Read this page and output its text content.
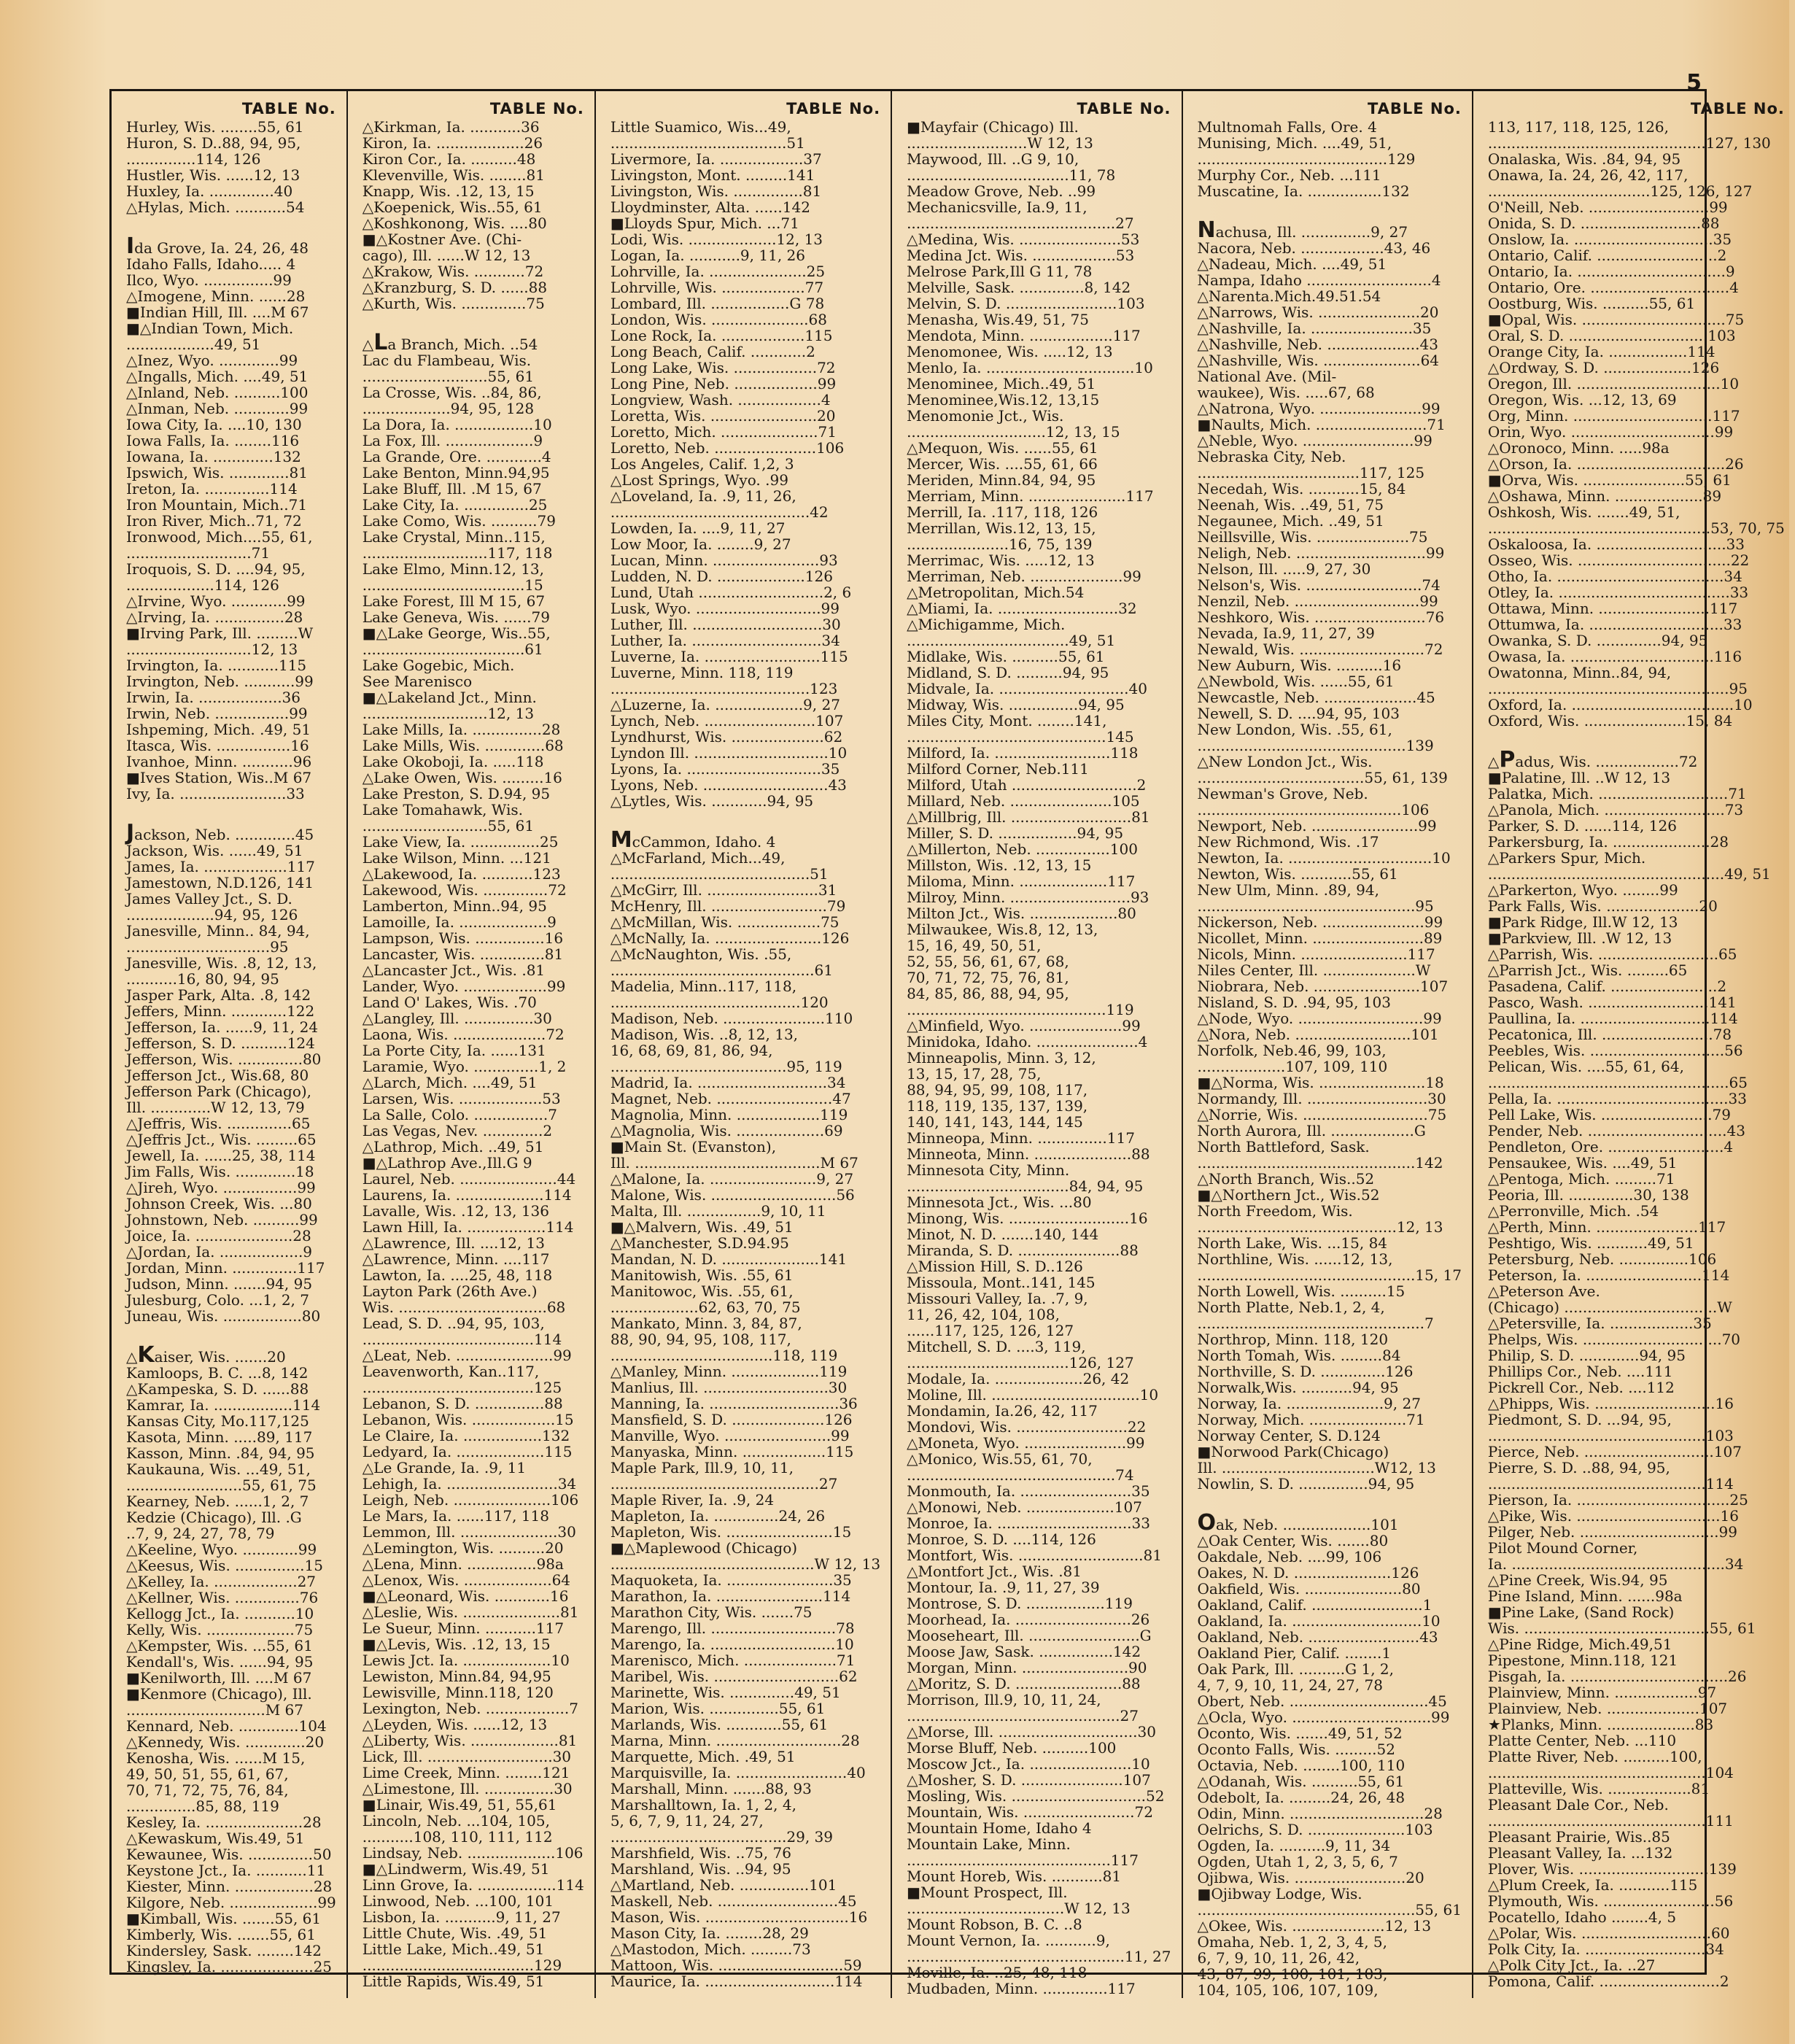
5
TABLE No.
Hurley, Wis. ........55, 61
Huron, S. D..88, 94, 95,
...............114, 126
Hustler, Wis. ......12, 13
Huxley, Ia. ..............40
△Hylas, Mich. ...........54
Ida Grove, Ia. 24, 26, 48
Idaho Falls, Idaho..... 4
Ilco, Wyo. ...............99
△Imogene, Minn. ......28
■Indian Hill, Ill. ....M 67
■△Indian Town, Mich.
...................49, 51
△Inez, Wyo. .............99
△Ingalls, Mich. ....49, 51
△Inland, Neb. ..........100
△Inman, Neb. ............99
Iowa City, Ia. ....10, 130
Iowa Falls, Ia. ........116
Iowana, Ia. .............132
Ipswich, Wis. .............81
Ireton, Ia. ..............114
Iron Mountain, Mich..71
Iron River, Mich..71, 72
Ironwood, Mich....55, 61,
...........................71
Iroquois, S. D. ....94, 95,
...................114, 126
△Irvine, Wyo. ............99
△Irving, Ia. ...............28
■Irving Park, Ill. .........W
...........................12, 13
Irvington, Ia. ...........115
Irvington, Neb. ...........99
Irwin, Ia. ..................36
Irwin, Neb. ................99
Ishpeming, Mich. .49, 51
Itasca, Wis. ................16
Ivanhoe, Minn. ...........96
■Ives Station, Wis..M 67
Ivy, Ia. .......................33
Jackson, Neb. .............45
Jackson, Wis. ......49, 51
James, Ia. ..................117
Jamestown, N.D.126, 141
James Valley Jct., S. D.
...................94, 95, 126
Janesville, Minn.. 84, 94,
...............................95
Janesville, Wis. .8, 12, 13,
...........16, 80, 94, 95
Jasper Park, Alta. .8, 142
Jeffers, Minn. ............122
Jefferson, Ia. ......9, 11, 24
Jefferson, S. D. ..........124
Jefferson, Wis. ..............80
Jefferson Jct., Wis.68, 80
Jefferson Park (Chicago),
Ill. .............W 12, 13, 79
△Jeffris, Wis. ..............65
△Jeffris Jct., Wis. .........65
Jewell, Ia. ......25, 38, 114
Jim Falls, Wis. .............18
△Jireh, Wyo. ................99
Johnson Creek, Wis. ...80
Johnstown, Neb. ..........99
Joice, Ia. .....................28
△Jordan, Ia. ..................9
Jordan, Minn. ..............117
Judson, Minn. .......94, 95
Julesburg, Colo. ...1, 2, 7
Juneau, Wis. .................80
△Kaiser, Wis. .......20
Kamloops, B. C. ...8, 142
△Kampeska, S. D. ......88
Kamrar, Ia. .................114
Kansas City, Mo.117,125
Kasota, Minn. .....89, 117
Kasson, Minn. .84, 94, 95
Kaukauna, Wis. ...49, 51,
.........................55, 61, 75
Kearney, Neb. ......1, 2, 7
Kedzie (Chicago), Ill. .G
..7, 9, 24, 27, 78, 79
△Keeline, Wyo. ............99
△Keesus, Wis. ...............15
△Kelley, Ia. ..................27
△Kellner, Wis. ..............76
Kellogg Jct., Ia. ...........10
Kelly, Wis. ...................75
△Kempster, Wis. ...55, 61
Kendall's, Wis. ......94, 95
■Kenilworth, Ill. ....M 67
■Kenmore (Chicago), Ill.
..............................M 67
Kennard, Neb. .............104
△Kennedy, Wis. .............20
Kenosha, Wis. ......M 15,
49, 50, 51, 55, 61, 67,
70, 71, 72, 75, 76, 84,
...............85, 88, 119
Kesley, Ia. .....................28
△Kewaskum, Wis.49, 51
Kewaunee, Wis. ..............50
Keystone Jct., Ia. ...........11
Kiester, Minn. .................28
Kilgore, Neb. ...................99
■Kimball, Wis. .......55, 61
Kimberly, Wis. .......55, 61
Kindersley, Sask. ........142
Kingsley, Ia. ....................25
TABLE No.
△Kirkman, Ia. ...........36
Kiron, Ia. ...................26
Kiron Cor., Ia. ..........48
Klevenville, Wis. ........81
Knapp, Wis. .12, 13, 15
△Koepenick, Wis..55, 61
△Koshkonong, Wis. ....80
■△Kostner Ave. (Chi-
cago), Ill. ......W 12, 13
△Krakow, Wis. ...........72
△Kranzburg, S. D. ......88
△Kurth, Wis. ..............75
△La Branch, Mich. ..54
Lac du Flambeau, Wis.
...........................55, 61
La Crosse, Wis. ..84, 86,
...................94, 95, 128
La Dora, Ia. .................10
La Fox, Ill. ...................9
La Grande, Ore. ............4
Lake Benton, Minn.94,95
Lake Bluff, Ill. .M 15, 67
Lake City, Ia. ..............25
Lake Como, Wis. ..........79
Lake Crystal, Minn..115,
...........................117, 118
Lake Elmo, Minn.12, 13,
...................................15
Lake Forest, Ill M 15, 67
Lake Geneva, Wis. ......79
■△Lake George, Wis..55,
...................................61
Lake Gogebic, Mich.
See Marenisco
■△Lakeland Jct., Minn.
...........................12, 13
Lake Mills, Ia. ...............28
Lake Mills, Wis. .............68
Lake Okoboji, Ia. .....118
△Lake Owen, Wis. .........16
Lake Preston, S. D.94, 95
Lake Tomahawk, Wis.
...........................55, 61
Lake View, Ia. ...............25
Lake Wilson, Minn. ...121
△Lakewood, Ia. ...........123
Lakewood, Wis. ..............72
Lamberton, Minn..94, 95
Lamoille, Ia. ...................9
Lampson, Wis. ...............16
Lancaster, Wis. ..............81
△Lancaster Jct., Wis. .81
Lander, Wyo. ..................99
Land O' Lakes, Wis. .70
△Langley, Ill. ...............30
Laona, Wis. ....................72
La Porte City, Ia. ......131
Laramie, Wyo. ..............1, 2
△Larch, Mich. ....49, 51
Larsen, Wis. ..................53
La Salle, Colo. ................7
Las Vegas, Nev. .............2
△Lathrop, Mich. ..49, 51
■△Lathrop Ave.,Ill.G 9
Laurel, Neb. .....................44
Laurens, Ia. ...................114
Lavalle, Wis. .12, 13, 136
Lawn Hill, Ia. .................114
△Lawrence, Ill. ....12, 13
△Lawrence, Minn. ....117
Lawton, Ia. ....25, 48, 118
Layton Park (26th Ave.)
Wis. ................................68
Lead, S. D. ..94, 95, 103,
.....................................114
△Leat, Neb. .....................99
Leavenworth, Kan..117,
.....................................125
Lebanon, S. D. ...............88
Lebanon, Wis. ..................15
Le Claire, Ia. .................132
Ledyard, Ia. ...................115
△Le Grande, Ia. .9, 11
Lehigh, Ia. ........................34
Leigh, Neb. .....................106
Le Mars, Ia. ......117, 118
Lemmon, Ill. .....................30
△Lemington, Wis. ..........20
△Lena, Minn. ...............98a
△Lenox, Wis. ...................64
■△Leonard, Wis. ............16
△Leslie, Wis. .....................81
Le Sueur, Minn. ...........117
■△Levis, Wis. .12, 13, 15
Lewis Jct. Ia. ...................10
Lewiston, Minn.84, 94,95
Lewisville, Minn.118, 120
Lexington, Neb. ..................7
△Leyden, Wis. ......12, 13
△Liberty, Wis. ...................81
Lick, Ill. ...........................30
Lime Creek, Minn. ........121
△Limestone, Ill. ...............30
■Linair, Wis.49, 51, 55,61
Lincoln, Neb. ...104, 105,
...........108, 110, 111, 112
Lindsay, Neb. ...................106
■△Lindwerm, Wis.49, 51
Linn Grove, Ia. .................114
Linwood, Neb. ...100, 101
Lisbon, Ia. ...........9, 11, 27
Little Chute, Wis. .49, 51
Little Lake, Mich..49, 51
.....................................129
Little Rapids, Wis.49, 51
TABLE No.
Little Suamico, Wis...49,
......................................51
Livermore, Ia. ..................37
Livingston, Mont. .........141
Livingston, Wis. ...............81
Lloydminster, Alta. ......142
■Lloyds Spur, Mich. ...71
Lodi, Wis. ...................12, 13
Logan, Ia. ...........9, 11, 26
Lohrville, Ia. .....................25
Lohrville, Wis. ..................77
Lombard, Ill. .................G 78
London, Wis. .....................68
Lone Rock, Ia. ..................115
Long Beach, Calif. ............2
Long Lake, Wis. ..................72
Long Pine, Neb. ..................99
Longview, Wash. ..................4
Loretta, Wis. .......................20
Loretto, Mich. .....................71
Loretto, Neb. ......................106
Los Angeles, Calif. 1,2, 3
△Lost Springs, Wyo. .99
△Loveland, Ia. .9, 11, 26,
...........................................42
Lowden, Ia. ....9, 11, 27
Low Moor, Ia. ........9, 27
Lucan, Minn. .......................93
Ludden, N. D. ...................126
Lund, Utah ...........................2, 6
Lusk, Wyo. ...........................99
Luther, Ill. ............................30
Luther, Ia. ............................34
Luverne, Ia. .........................115
Luverne, Minn. 118, 119
...........................................123
△Luzerne, Ia. ...................9, 27
Lynch, Neb. ........................107
Lyndhurst, Wis. ....................62
Lyndon Ill. .............................10
Lyons, Ia. .............................35
Lyons, Neb. ...........................43
△Lytles, Wis. ............94, 95
McCammon, Idaho. 4
△McFarland, Mich...49,
...........................................51
△McGirr, Ill. ........................31
McHenry, Ill. .........................79
△McMillan, Wis. ..................75
△McNally, Ia. .......................126
△McNaughton, Wis. .55,
............................................61
Madelia, Minn..117, 118,
.........................................120
Madison, Neb. ......................110
Madison, Wis. ..8, 12, 13,
16, 68, 69, 81, 86, 94,
......................................95, 119
Madrid, Ia. ............................34
Magnet, Neb. .........................47
Magnolia, Minn. ..................119
△Magnolia, Wis. ...................69
■Main St. (Evanston),
Ill. ........................................M 67
△Malone, Ia. .......................9, 27
Malone, Wis. ...........................56
Malta, Ill. ................9, 10, 11
■△Malvern, Wis. .49, 51
△Manchester, S.D.94.95
Mandan, N. D. .....................141
Manitowish, Wis. .55, 61
Manitowoc, Wis. .55, 61,
...................62, 63, 70, 75
Mankato, Minn. 3, 84, 87,
88, 90, 94, 95, 108, 117,
...................................118, 119
△Manley, Minn. ...................119
Manlius, Ill. ...........................30
Manning, Ia. ............................36
Mansfield, S. D. ....................126
Manville, Wyo. .......................99
Manyaska, Minn. ..................115
Maple Park, Ill.9, 10, 11,
.............................................27
Maple River, Ia. .9, 24
Mapleton, Ia. ..............24, 26
Mapleton, Wis. .......................15
■△Maplewood (Chicago)
............................................W 12, 13
Maquoketa, Ia. .......................35
Marathon, Ia. .......................114
Marathon City, Wis. .......75
Marengo, Ill. ...........................78
Marengo, Ia. ...........................10
Marenisco, Mich. ....................71
Maribel, Wis. ...........................62
Marinette, Wis. ..............49, 51
Marion, Wis. ...............55, 61
Marlands, Wis. ............55, 61
Marna, Minn. ...........................28
Marquette, Mich. .49, 51
Marquisville, Ia. ........................40
Marshall, Minn. .......88, 93
Marshalltown, Ia. 1, 2, 4,
5, 6, 7, 9, 11, 24, 27,
......................................29, 39
Marshfield, Wis. ..75, 76
Marshland, Wis. ..94, 95
△Martland, Neb. ...............101
Maskell, Neb. ..........................45
Mason, Wis. ...............................16
Mason City, Ia. ........28, 29
△Mastodon, Mich. .........73
Mattoon, Wis. ...........................59
Maurice, Ia. ............................114
TABLE No.
■Mayfair (Chicago) Ill.
..........................W 12, 13
Maywood, Ill. ..G 9, 10,
...................................11, 78
Meadow Grove, Neb. ..99
Mechanicsville, Ia.9, 11,
.............................................27
△Medina, Wis. ......................53
Medina Jct. Wis. ..................53
Melrose Park,Ill G 11, 78
Melville, Sask. ..............8, 142
Melvin, S. D. ........................103
Menasha, Wis.49, 51, 75
Mendota, Minn. ..................117
Menomonee, Wis. .....12, 13
Menlo, Ia. ................................10
Menominee, Mich..49, 51
Menominee,Wis.12, 13,15
Menomonie Jct., Wis.
..............................12, 13, 15
△Mequon, Wis. ......55, 61
Mercer, Wis. ....55, 61, 66
Meriden, Minn.84, 94, 95
Merriam, Minn. .....................117
Merrill, Ia. .117, 118, 126
Merrillan, Wis.12, 13, 15,
......................16, 75, 139
Merrimac, Wis. .....12, 13
Merriman, Neb. ....................99
△Metropolitan, Mich.54
△Miami, Ia. ..........................32
△Michigamme, Mich.
...................................49, 51
Midlake, Wis. ..........55, 61
Midland, S. D. ..........94, 95
Midvale, Ia. ............................40
Midway, Wis. ...............94, 95
Miles City, Mont. ........141,
...........................................145
Milford, Ia. .........................118
Milford Corner, Neb.111
Milford, Utah ...........................2
Millard, Neb. ......................105
△Millbrig, Ill. ..........................81
Miller, S. D. .................94, 95
△Millerton, Neb. ................100
Millston, Wis. .12, 13, 15
Miloma, Minn. ...................117
Milroy, Minn. ..........................93
Milton Jct., Wis. ...................80
Milwaukee, Wis.8, 12, 13,
15, 16, 49, 50, 51,
52, 55, 56, 61, 67, 68,
70, 71, 72, 75, 76, 81,
84, 85, 86, 88, 94, 95,
...........................................119
△Minfield, Wyo. ....................99
Minidoka, Idaho. ......................4
Minneapolis, Minn. 3, 12,
13, 15, 17, 28, 75,
88, 94, 95, 99, 108, 117,
118, 119, 135, 137, 139,
140, 141, 143, 144, 145
Minneopa, Minn. ...............117
Minneota, Minn. .....................88
Minnesota City, Minn.
...................................84, 94, 95
Minnesota Jct., Wis. ...80
Minong, Wis. ..........................16
Minot, N. D. .......140, 144
Miranda, S. D. ......................88
△Mission Hill, S. D..126
Missoula, Mont..141, 145
Missouri Valley, Ia. .7, 9,
11, 26, 42, 104, 108,
......117, 125, 126, 127
Mitchell, S. D. ....3, 119,
...................................126, 127
Modale, Ia. ...................26, 42
Moline, Ill. ................................10
Mondamin, Ia.26, 42, 117
Mondovi, Wis. ........................22
△Moneta, Wyo. ......................99
△Monico, Wis.55, 61, 70,
.............................................74
Monmouth, Ia. ........................35
△Monowi, Neb. ...................107
Monroe, Ia. .............................33
Monroe, S. D. ....114, 126
Montfort, Wis. ...........................81
△Montfort Jct., Wis. .81
Montour, Ia. .9, 11, 27, 39
Montrose, S. D. .................119
Moorhead, Ia. .........................26
Mooseheart, Ill. ........................G
Moose Jaw, Sask. ................142
Morgan, Minn. .......................90
△Moritz, S. D. .......................88
Morrison, Ill.9, 10, 11, 24,
..............................................27
△Morse, Ill. ..............................30
Morse Bluff, Neb. ..........100
Moscow Jct., Ia. ......................10
△Mosher, S. D. ......................107
Mosling, Wis. .............................52
Mountain, Wis. ........................72
Mountain Home, Idaho 4
Mountain Lake, Minn.
............................................117
Mount Horeb, Wis. ...........81
■Mount Prospect, Ill.
..................................W 12, 13
Mount Robson, B. C. ..8
Mount Vernon, Ia. ...........9,
...............................................11, 27
Moville, Ia. ..25, 48, 118
Mudbaden, Minn. ..............117
TABLE No.
Multnomah Falls, Ore. 4
Munising, Mich. ....49, 51,
.........................................129
Murphy Cor., Neb. ...111
Muscatine, Ia. ................132
Nachusa, Ill. ...............9, 27
Nacora, Neb. ..................43, 46
△Nadeau, Mich. ....49, 51
Nampa, Idaho ...........................4
△Narenta.Mich.49.51.54
△Narrows, Wis. ......................20
△Nashville, Ia. ......................35
△Nashville, Neb. ....................43
△Nashville, Wis. .....................64
National Ave. (Mil-
waukee), Wis. .....67, 68
△Natrona, Wyo. ......................99
■Naults, Mich. ........................71
△Neble, Wyo. ........................99
Nebraska City, Neb.
...................................117, 125
Necedah, Wis. ...........15, 84
Neenah, Wis. ..49, 51, 75
Negaunee, Mich. ..49, 51
Neillsville, Wis. ....................75
Neligh, Neb. ............................99
Nelson, Ill. .....9, 27, 30
Nelson's, Wis. .........................74
Nenzil, Neb. ...........................99
Neshkoro, Wis. ........................76
Nevada, Ia.9, 11, 27, 39
Newald, Wis. ...........................72
New Auburn, Wis. ..........16
△Newbold, Wis. ......55, 61
Newcastle, Neb. ....................45
Newell, S. D. ....94, 95, 103
New London, Wis. .55, 61,
.............................................139
△New London Jct., Wis.
....................................55, 61, 139
Newman's Grove, Neb.
............................................106
Newport, Neb. .......................99
New Richmond, Wis. .17
Newton, Ia. ...............................10
Newton, Wis. ...........55, 61
New Ulm, Minn. .89, 94,
...............................................95
Nickerson, Neb. ......................99
Nicollet, Minn. ........................89
Nicols, Minn. .......................117
Niles Center, Ill. ....................W
Niobrara, Neb. .......................107
Nisland, S. D. .94, 95, 103
△Node, Wyo. ...........................99
△Nora, Neb. .........................101
Norfolk, Neb.46, 99, 103,
...................107, 109, 110
■△Norma, Wis. .......................18
Normandy, Ill. ..........................30
△Norrie, Wis. ...........................75
North Aurora, Ill. ..................G
North Battleford, Sask.
...............................................142
△North Branch, Wis..52
■△Northern Jct., Wis.52
North Freedom, Wis.
...........................................12, 13
North Lake, Wis. ...15, 84
Northline, Wis. ......12, 13,
...............................................15, 17
North Lowell, Wis. ..........15
North Platte, Neb.1, 2, 4,
.................................................7
Northrop, Minn. 118, 120
North Tomah, Wis. .........84
Northville, S. D. ..............126
Norwalk,Wis. ...........94, 95
Norway, Ia. .....................9, 27
Norway, Mich. .....................71
Norway Center, S. D.124
■Norwood Park(Chicago)
Ill. .................................W12, 13
Nowlin, S. D. ...............94, 95
Oak, Neb. ...................101
△Oak Center, Wis. .......80
Oakdale, Neb. ....99, 106
Oakes, N. D. .....................126
Oakfield, Wis. .....................80
Oakland, Calif. ........................1
Oakland, Ia. ............................10
Oakland, Neb. ........................43
Oakland Pier, Calif. ........1
Oak Park, Ill. ..........G 1, 2,
4, 7, 9, 10, 11, 24, 27, 78
Obert, Neb. ..............................45
△Ocla, Wyo. ..............................99
Oconto, Wis. .......49, 51, 52
Oconto Falls, Wis. .........52
Octavia, Neb. ........100, 110
△Odanah, Wis. ..........55, 61
Odebolt, Ia. .........24, 26, 48
Odin, Minn. .............................28
Oelrichs, S. D. .....................103
Ogden, Ia. ..........9, 11, 34
Ogden, Utah 1, 2, 3, 5, 6, 7
Ojibwa, Wis. ........................20
■Ojibway Lodge, Wis.
...............................................55, 61
△Okee, Wis. ....................12, 13
Omaha, Neb. 1, 2, 3, 4, 5,
6, 7, 9, 10, 11, 26, 42,
43, 87, 99, 100, 101, 103,
104, 105, 106, 107, 109,
TABLE No.
113, 117, 118, 125, 126,
...............................................127, 130
Onalaska, Wis. .84, 94, 95
Onawa, Ia. 24, 26, 42, 117,
...................................125, 126, 127
O'Neill, Neb. ..........................99
Onida, S. D. ..........................88
Onslow, Ia. ..............................35
Ontario, Calif. ..........................2
Ontario, Ia. ................................9
Ontario, Ore. ..............................4
Oostburg, Wis. ..........55, 61
■Opal, Wis. ...............................75
Oral, S. D. ..............................103
Orange City, Ia. .................114
△Ordway, S. D. ...................126
Oregon, Ill. ...............................10
Oregon, Wis. ...12, 13, 69
Org, Minn. ..............................117
Orin, Wyo. ...............................99
△Oronoco, Minn. .....98a
△Orson, Ia. ................................26
■Orva, Wis. ......................55, 61
△Oshawa, Minn. ...................89
Oshkosh, Wis. .......49, 51,
................................................53, 70, 75
Oskaloosa, Ia. ............................33
Osseo, Wis. .................................22
Otho, Ia. ....................................34
Otley, Ia. .....................................33
Ottawa, Minn. ........................117
Ottumwa, Ia. .............................33
Owanka, S. D. ..............94, 95
Owasa, Ia. ...............................116
Owatonna, Minn..84, 94,
....................................................95
Oxford, Ia. ...................................10
Oxford, Wis. ......................15, 84
△Padus, Wis. ..................72
■Palatine, Ill. ..W 12, 13
Palatka, Mich. ............................71
△Panola, Mich. ..........................73
Parker, S. D. ......114, 126
Parkersburg, Ia. .....................28
△Parkers Spur, Mich.
...................................................49, 51
△Parkerton, Wyo. ........99
Park Falls, Wis. ....................20
■Park Ridge, Ill.W 12, 13
■Parkview, Ill. .W 12, 13
△Parrish, Wis. ..........................65
△Parrish Jct., Wis. .........65
Pasadena, Calif. .......................2
Pasco, Wash. ..........................141
Paullina, Ia. ............................114
Pecatonica, Ill. ........................78
Peebles, Wis. .............................56
Pelican, Wis. ....55, 61, 64,
....................................................65
Pella, Ia. .....................................33
Pell Lake, Wis. ........................79
Pender, Neb. ..............................43
Pendleton, Ore. .........................4
Pensaukee, Wis. ....49, 51
△Pentoga, Mich. .........71
Peoria, Ill. ..............30, 138
△Perronville, Mich. .54
△Perth, Minn. ......................117
Peshtigo, Wis. ...........49, 51
Petersburg, Neb. ...............106
Peterson, Ia. .........................114
△Peterson Ave.
(Chicago) .................................W
△Petersville, Ia. ..................35
Phelps, Wis. ..............................70
Philip, S. D. .............94, 95
Phillips Cor., Neb. ....111
Pickrell Cor., Neb. ....112
△Phipps, Wis. ..........................16
Piedmont, S. D. ...94, 95,
...............................................103
Pierce, Neb. ............................107
Pierre, S. D. ..88, 94, 95,
...............................................114
Pierson, Ia. .................................25
△Pike, Wis. ...............................16
Pilger, Neb. ..............................99
Pilot Mound Corner,
Ia. ..............................................34
△Pine Creek, Wis.94, 95
Pine Island, Minn. ......98a
■Pine Lake, (Sand Rock)
Wis. ........................................55, 61
△Pine Ridge, Mich.49,51
Pipestone, Minn.118, 121
Pisgah, Ia. ..................................26
Plainview, Minn. ..................97
Plainview, Neb. ....................107
★Planks, Minn. ...................83
Platte Center, Neb. ...110
Platte River, Neb. ..........100,
...............................................104
Platteville, Wis. ..................81
Pleasant Dale Cor., Neb.
...............................................111
Pleasant Prairie, Wis..85
Pleasant Valley, Ia. ...132
Plover, Wis. ............................139
△Plum Creek, Ia. ...........115
Plymouth, Wis. ........................56
Pocatello, Idaho ........4, 5
△Polar, Wis. ............................60
Polk City, Ia. ..........................34
△Polk City Jct., Ia. ..27
Pomona, Calif. ..........................2
